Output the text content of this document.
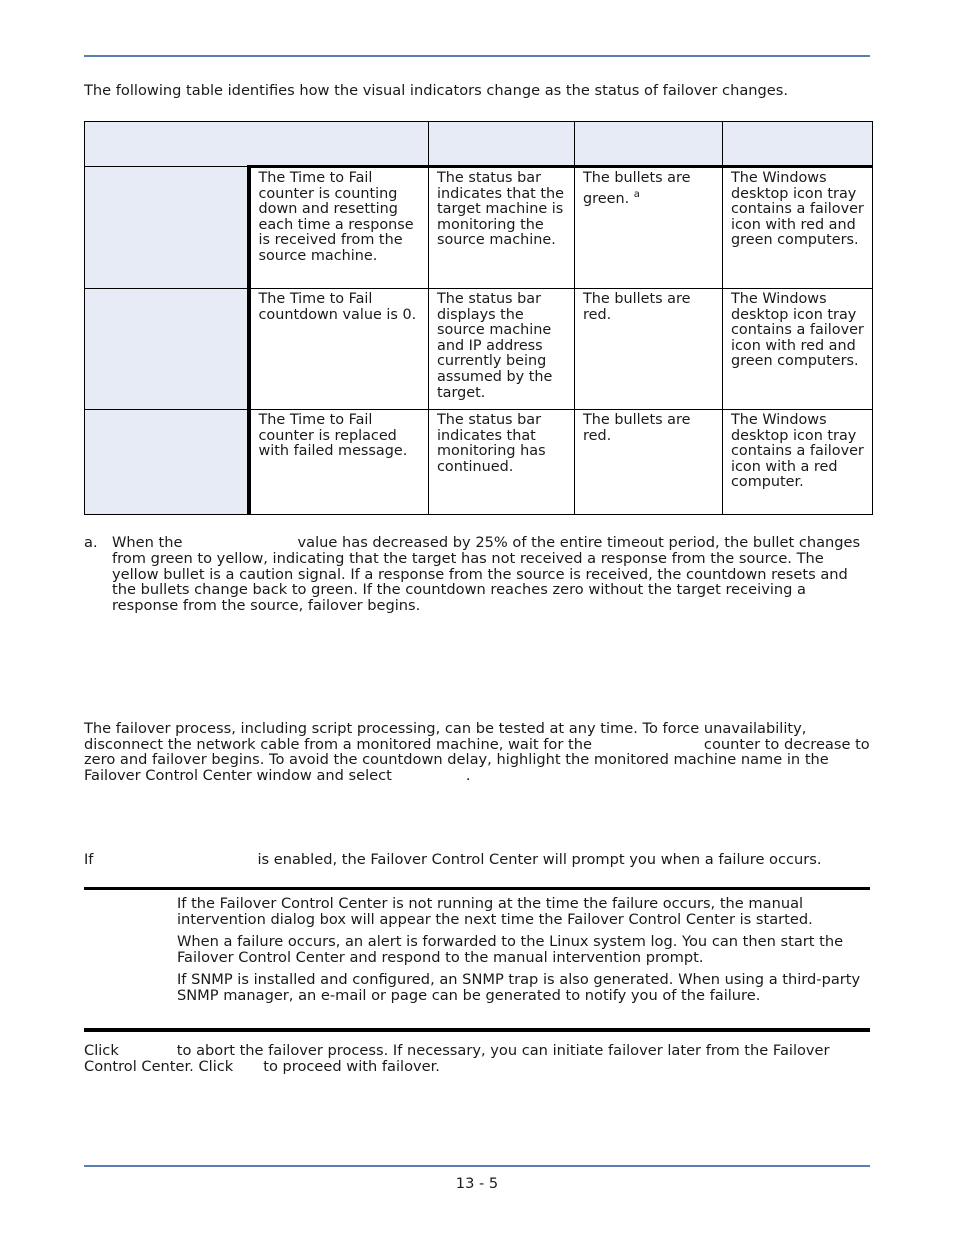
The following table identifies how the visual indicators change as the status of failover changes.

	The Time to Fail counter is counting down and resetting each time a response is received from the source machine.	The status bar indicates that the target machine is monitoring the source machine.	The bullets are green. $^a$	The Windows desktop icon tray contains a failover icon with red and green computers.
	The Time to Fail countdown value is 0.	The status bar displays the source machine and IP address currently being assumed by the target.	The bullets are red.	The Windows desktop icon tray contains a failover icon with red and green computers.
	The Time to Fail counter is replaced with failed message.	The status bar indicates that monitoring has continued.	The bullets are red.	The Windows desktop icon tray contains a failover icon with a red computer.
a. When the	value has decreased by 25% of the entire timeout period, the bullet changes from green to yellow, indicating that the target has not received a response from the source. The yellow bullet is a caution signal. If a response from the source is received, the countdown resets and the bullets change back to green. If the countdown reaches zero without the target receiving a response from the source, failover begins.

The failover process, including script processing, can be tested at any time. To force unavailability, disconnect the network cable from a monitored machine, wait for the	counter to decrease to zero and failover begins. To avoid the countdown delay, highlight the monitored machine name in the Failover Control Center window and select	.

If	is enabled, the Failover Control Center will prompt you when a failure occurs.

If the Failover Control Center is not running at the time the failure occurs, the manual intervention dialog box will appear the next time the Failover Control Center is started.

When a failure occurs, an alert is forwarded to the Linux system log. You can then start the Failover Control Center and respond to the manual intervention prompt.

If SNMP is installed and configured, an SNMP trap is also generated. When using a third-party SNMP manager, an e-mail or page can be generated to notify you of the failure.

Click	to abort the failover process. If necessary, you can initiate failover later from the Failover Control Center. Click to proceed with failover.

13 - 5
